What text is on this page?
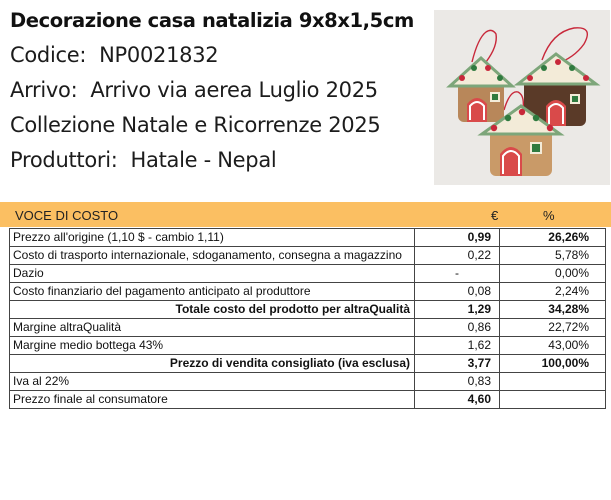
Decorazione casa natalizia 9x8x1,5cm
Codice: NP0021832
Arrivo: Arrivo via aerea Luglio 2025
Collezione Natale e Ricorrenze 2025
Produttori: Hatale - Nepal
VOCE DI COSTO	€	%
Prezzo all'origine (1,10 $ - cambio 1,11)	0,99	26,26%
Costo di trasporto internazionale, sdoganamento, consegna a magazzino	0,22	5,78%
Dazio	-	0,00%
Costo finanziario del pagamento anticipato al produttore	0,08	2,24%
Totale costo del prodotto per altraQualità	1,29	34,28%
Margine altraQualità	0,86	22,72%
Margine medio bottega 43%	1,62	43,00%
Prezzo di vendita consigliato (iva esclusa)	3,77	100,00%
Iva al 22%	0,83	
Prezzo finale al consumatore	4,60	
